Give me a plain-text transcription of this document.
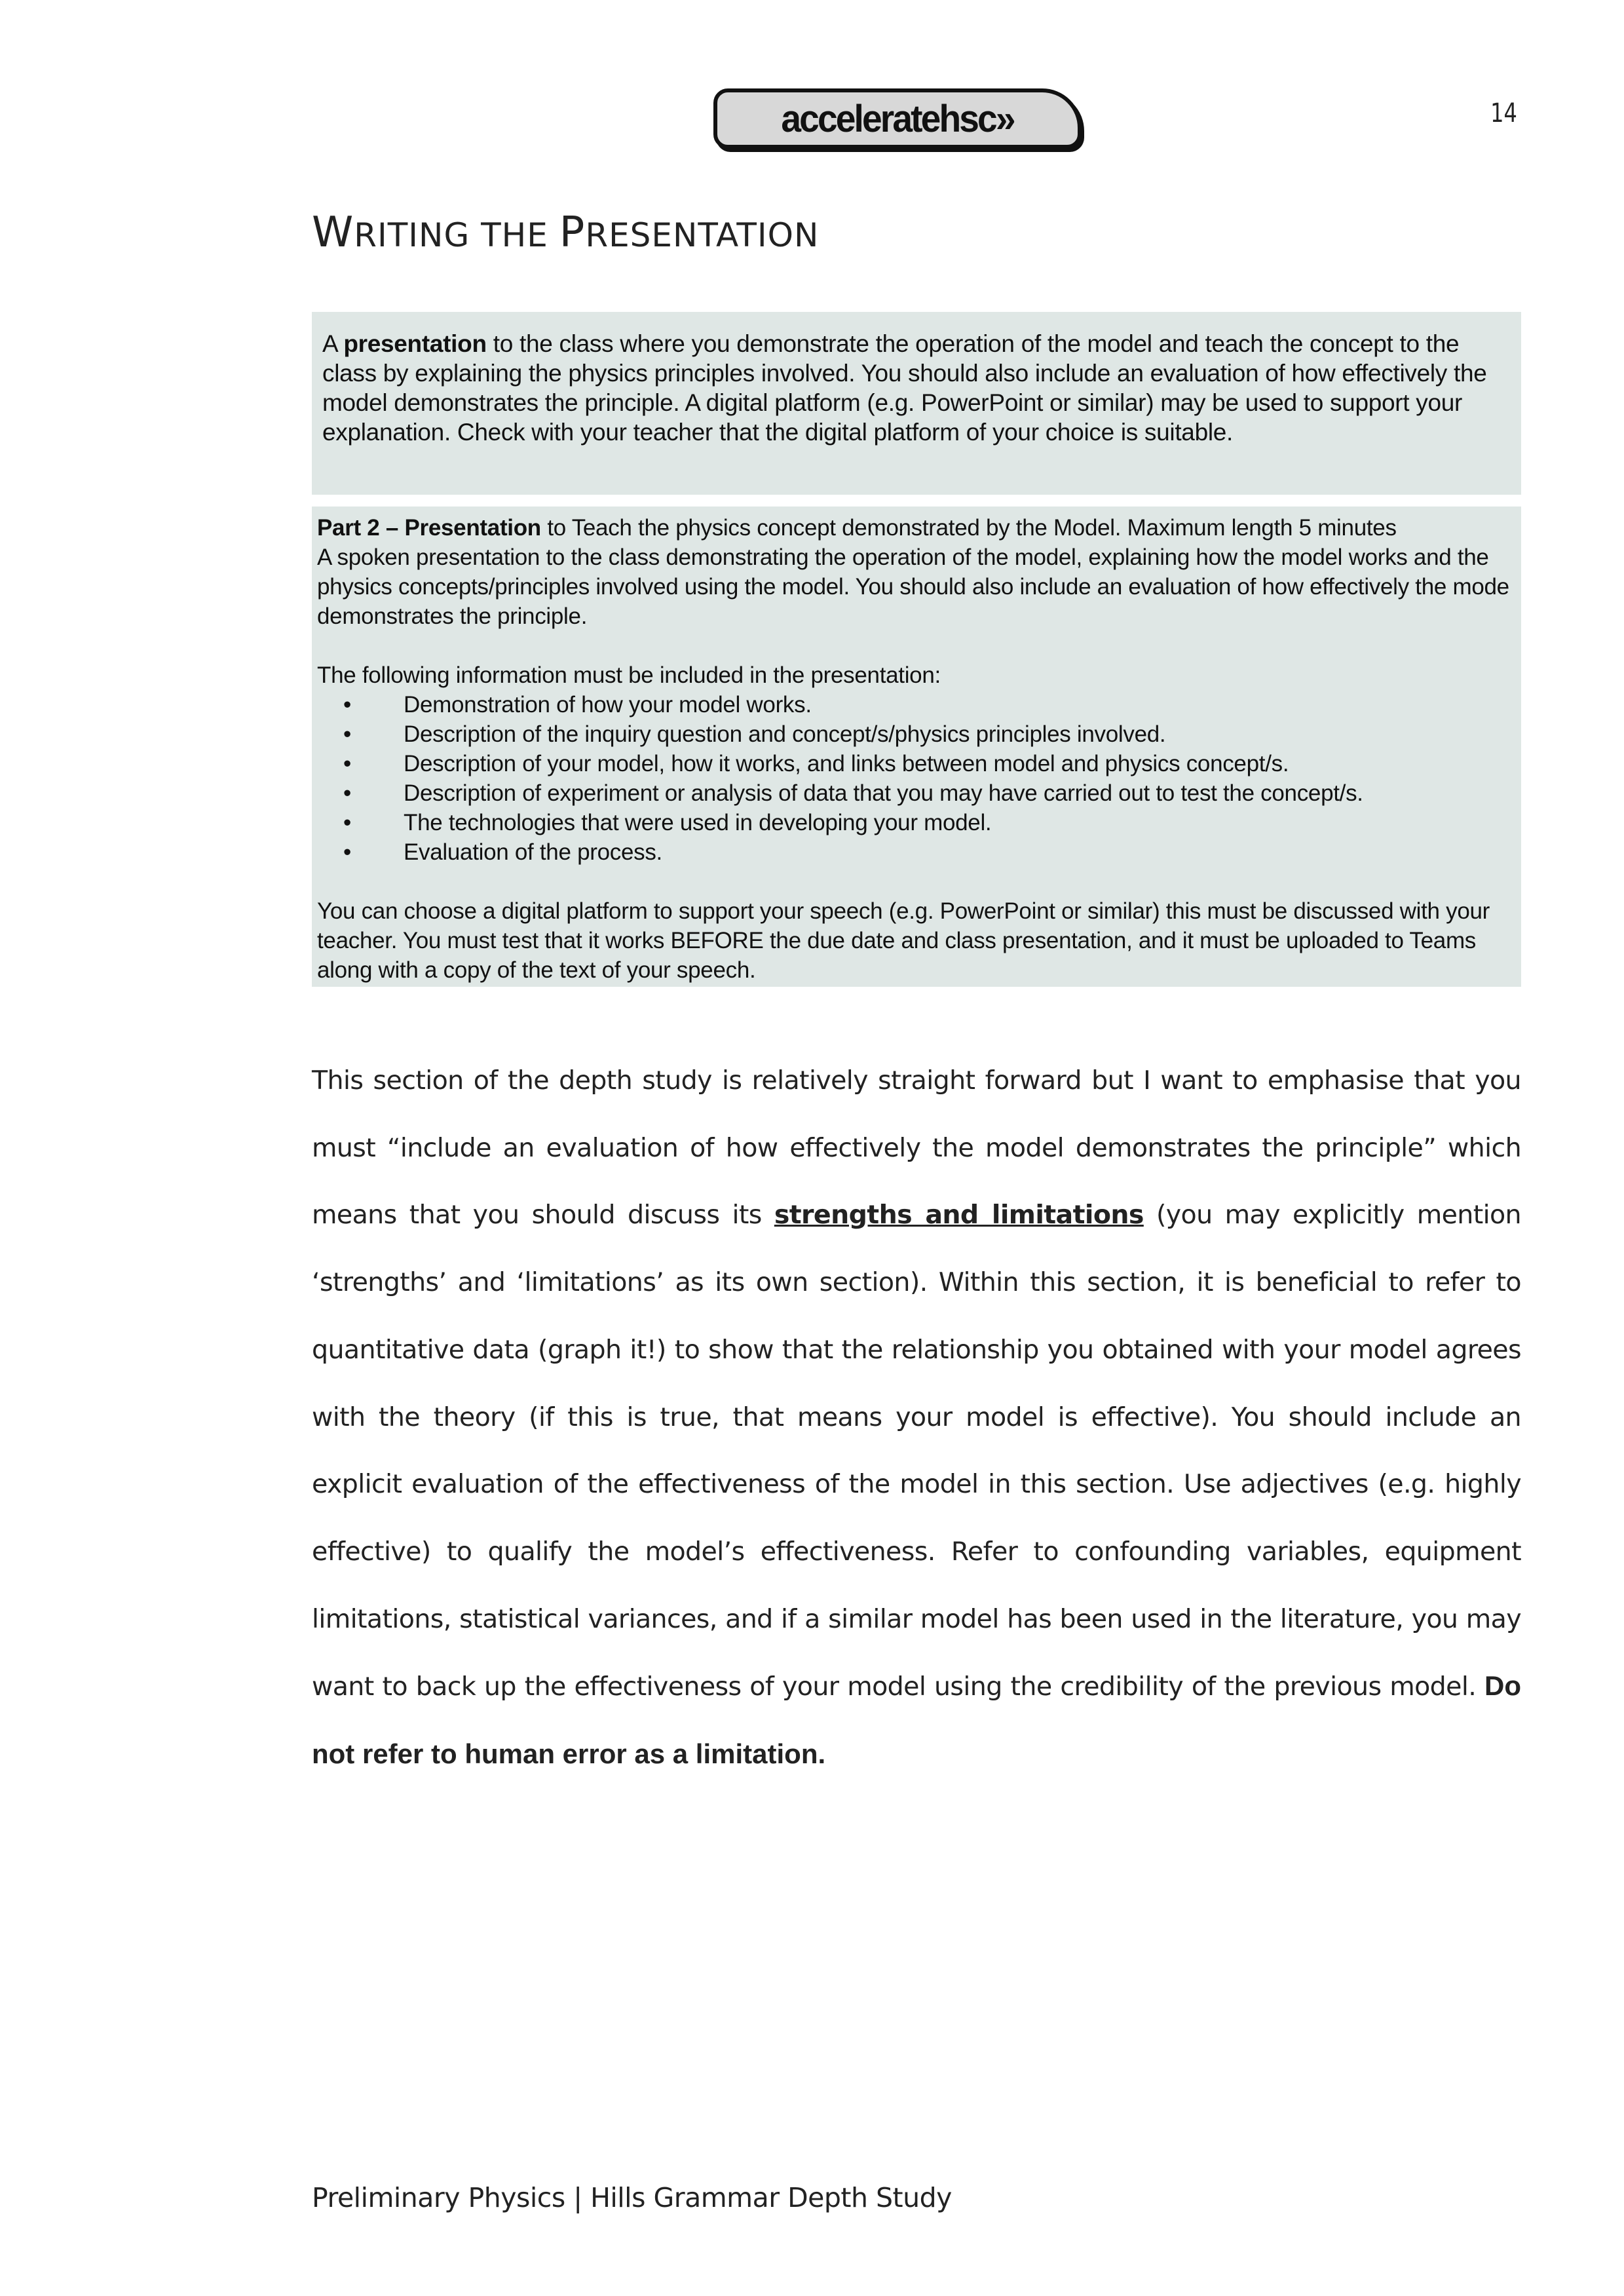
acceleratehsc»	14
WRITING THE PRESENTATION
A presentation to the class where you demonstrate the operation of the model and teach the concept to the class by explaining the physics principles involved. You should also include an evaluation of how effectively the model demonstrates the principle. A digital platform (e.g. PowerPoint or similar) may be used to support your explanation. Check with your teacher that the digital platform of your choice is suitable.

Part 2 – Presentation to Teach the physics concept demonstrated by the Model. Maximum length 5 minutes

A spoken presentation to the class demonstrating the operation of the model, explaining how the model works and the physics concepts/principles involved using the model. You should also include an evaluation of how effectively the mode demonstrates the principle.

The following information must be included in the presentation:

• Demonstration of how your model works.
• Description of the inquiry question and concept/s/physics principles involved.
• Description of your model, how it works, and links between model and physics concept/s.
• Description of experiment or analysis of data that you may have carried out to test the concept/s.
• The technologies that were used in developing your model.
• Evaluation of the process.

You can choose a digital platform to support your speech (e.g. PowerPoint or similar) this must be discussed with your teacher. You must test that it works BEFORE the due date and class presentation, and it must be uploaded to Teams along with a copy of the text of your speech.

This section of the depth study is relatively straight forward but I want to emphasise that you must “include an evaluation of how effectively the model demonstrates the principle” which means that you should discuss its strengths and limitations (you may explicitly mention ‘strengths’ and ‘limitations’ as its own section). Within this section, it is beneficial to refer to quantitative data (graph it!) to show that the relationship you obtained with your model agrees with the theory (if this is true, that means your model is effective). You should include an explicit evaluation of the effectiveness of the model in this section. Use adjectives (e.g. highly effective) to qualify the model’s effectiveness. Refer to confounding variables, equipment limitations, statistical variances, and if a similar model has been used in the literature, you may want to back up the effectiveness of your model using the credibility of the previous model. Do not refer to human error as a limitation.

Preliminary Physics | Hills Grammar Depth Study
